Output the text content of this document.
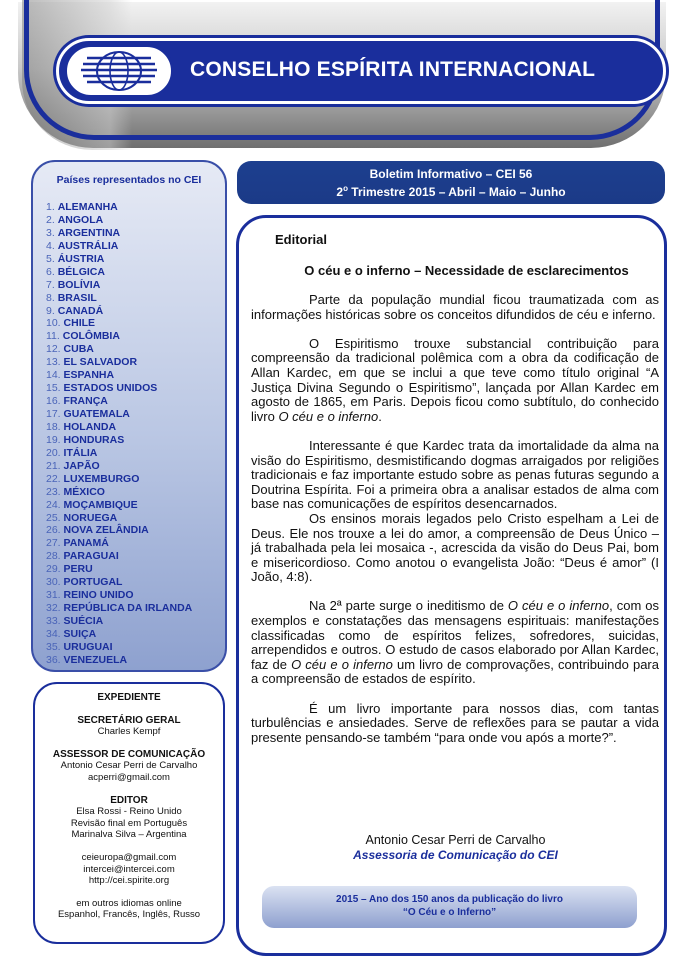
CONSELHO ESPÍRITA INTERNACIONAL
Países representados no CEI
1. ALEMANHA
2. ANGOLA
3. ARGENTINA
4. AUSTRÁLIA
5. ÁUSTRIA
6. BÉLGICA
7. BOLÍVIA
8. BRASIL
9. CANADÁ
10. CHILE
11. COLÔMBIA
12. CUBA
13. EL SALVADOR
14. ESPANHA
15. ESTADOS UNIDOS
16. FRANÇA
17. GUATEMALA
18. HOLANDA
19. HONDURAS
20. ITÁLIA
21. JAPÃO
22. LUXEMBURGO
23. MÉXICO
24. MOÇAMBIQUE
25. NORUEGA
26. NOVA ZELÂNDIA
27. PANAMÁ
28. PARAGUAI
29. PERU
30. PORTUGAL
31. REINO UNIDO
32. REPÚBLICA DA IRLANDA
33. SUÉCIA
34. SUIÇA
35. URUGUAI
36. VENEZUELA
EXPEDIENTE
SECRETÁRIO GERAL
Charles Kempf
ASSESSOR DE COMUNICAÇÃO
Antonio Cesar Perri de Carvalho
acperri@gmail.com
EDITOR
Elsa Rossi - Reino Unido
Revisão final em Português
Marinalva Silva – Argentina
ceieuropa@gmail.com
intercei@intercei.com
http://cei.spirite.org
em outros idiomas online
Espanhol, Francês, Inglês, Russo
Boletim Informativo – CEI 56
2$^o$ Trimestre 2015 – Abril – Maio – Junho
Editorial
O céu e o inferno – Necessidade de esclarecimentos

Parte da população mundial ficou traumatizada com as informações históricas sobre os conceitos difundidos de céu e inferno.

O Espiritismo trouxe substancial contribuição para compreensão da tradicional polêmica com a obra da codificação de Allan Kardec, em que se inclui a que teve como título original “A Justiça Divina Segundo o Espiritismo”, lançada por Allan Kardec em agosto de 1865, em Paris. Depois ficou como subtítulo, do conhecido livro O céu e o inferno.

Interessante é que Kardec trata da imortalidade da alma na visão do Espiritismo, desmistificando dogmas arraigados por religiões tradicionais e faz importante estudo sobre as penas futuras segundo a Doutrina Espírita. Foi a primeira obra a analisar estados de alma com base nas comunicações de espíritos desencarnados.

Os ensinos morais legados pelo Cristo espelham a Lei de Deus. Ele nos trouxe a lei do amor, a compreensão de Deus Único – já trabalhada pela lei mosaica -, acrescida da visão do Deus Pai, bom e misericordioso. Como anotou o evangelista João: “Deus é amor” (I João, 4:8).

Na 2ª parte surge o ineditismo de O céu e o inferno, com os exemplos e constatações das mensagens espirituais: manifestações classificadas como de espíritos felizes, sofredores, suicidas, arrependidos e outros. O estudo de casos elaborado por Allan Kardec, faz de O céu e o inferno um livro de comprovações, contribuindo para a compreensão de estados de espírito.

É um livro importante para nossos dias, com tantas turbulências e ansiedades. Serve de reflexões para se pautar a vida presente pensando-se também “para onde vou após a morte?”.

Antonio Cesar Perri de Carvalho
Assessoria de Comunicação do CEI
2015 – Ano dos 150 anos da publicação do livro
“O Céu e o Inferno”
